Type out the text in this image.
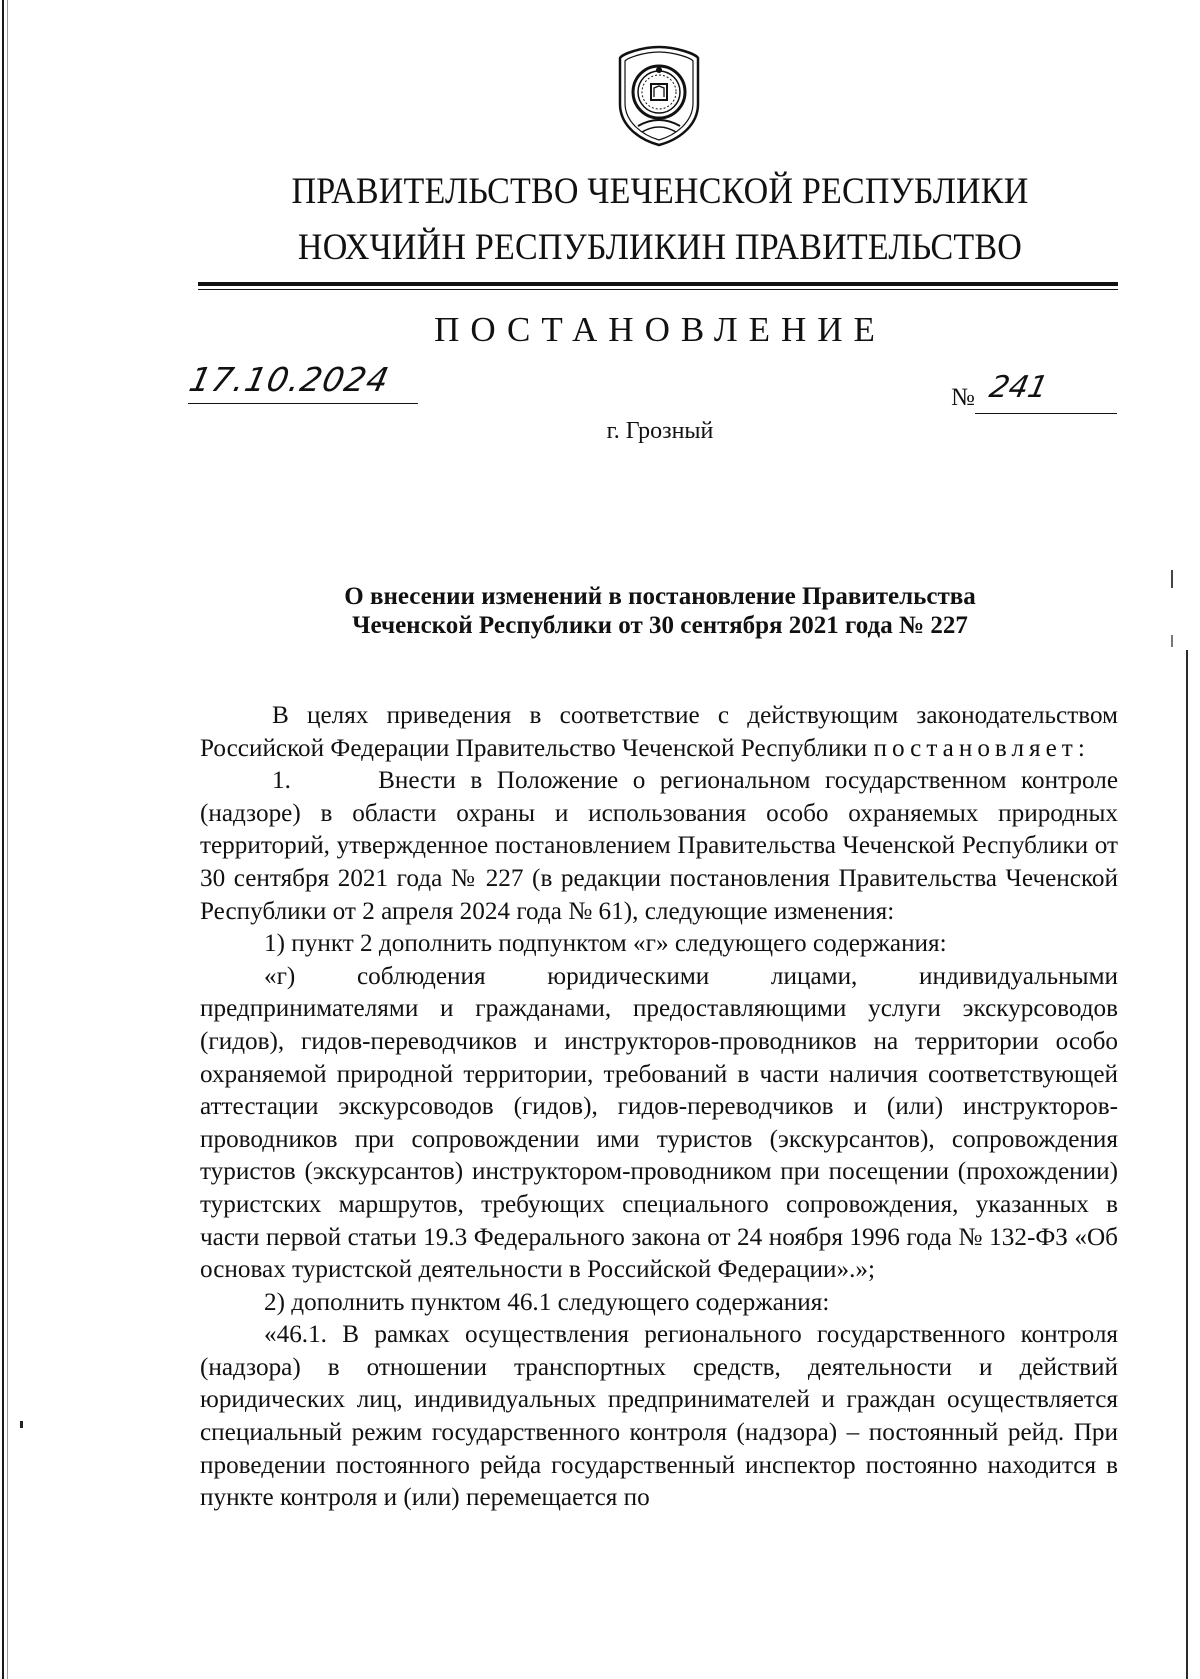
ПРАВИТЕЛЬСТВО ЧЕЧЕНСКОЙ РЕСПУБЛИКИ
НОХЧИЙН РЕСПУБЛИКИН ПРАВИТЕЛЬСТВО
ПОСТАНОВЛЕНИЕ
17.10.2024	№ 241
г. Грозный
О внесении изменений в постановление Правительства
Чеченской Республики от 30 сентября 2021 года № 227

В целях приведения в соответствие с действующим законодательством Российской Федерации Правительство Чеченской Республики постановляет:

1.	Внести в Положение о региональном государственном контроле (надзоре) в области охраны и использования особо охраняемых природных территорий, утвержденное постановлением Правительства Чеченской Республики от 30 сентября 2021 года № 227 (в редакции постановления Правительства Чеченской Республики от 2 апреля 2024 года № 61), следующие изменения:

1) пункт 2 дополнить подпунктом «г» следующего содержания:

«г) соблюдения юридическими лицами, индивидуальными предпринимателями и гражданами, предоставляющими услуги экскурсоводов (гидов), гидов-переводчиков и инструкторов-проводников на территории особо охраняемой природной территории, требований в части наличия соответствующей аттестации экскурсоводов (гидов), гидов-переводчиков и (или) инструкторов-проводников при сопровождении ими туристов (экскурсантов), сопровождения туристов (экскурсантов) инструктором-проводником при посещении (прохождении) туристских маршрутов, требующих специального сопровождения, указанных в части первой статьи 19.3 Федерального закона от 24 ноября 1996 года № 132-ФЗ «Об основах туристской деятельности в Российской Федерации».»;

2) дополнить пунктом 46.1 следующего содержания:

«46.1. В рамках осуществления регионального государственного контроля (надзора) в отношении транспортных средств, деятельности и действий юридических лиц, индивидуальных предпринимателей и граждан осуществляется специальный режим государственного контроля (надзора) – постоянный рейд. При проведении постоянного рейда государственный инспектор постоянно находится в пункте контроля и (или) перемещается по
